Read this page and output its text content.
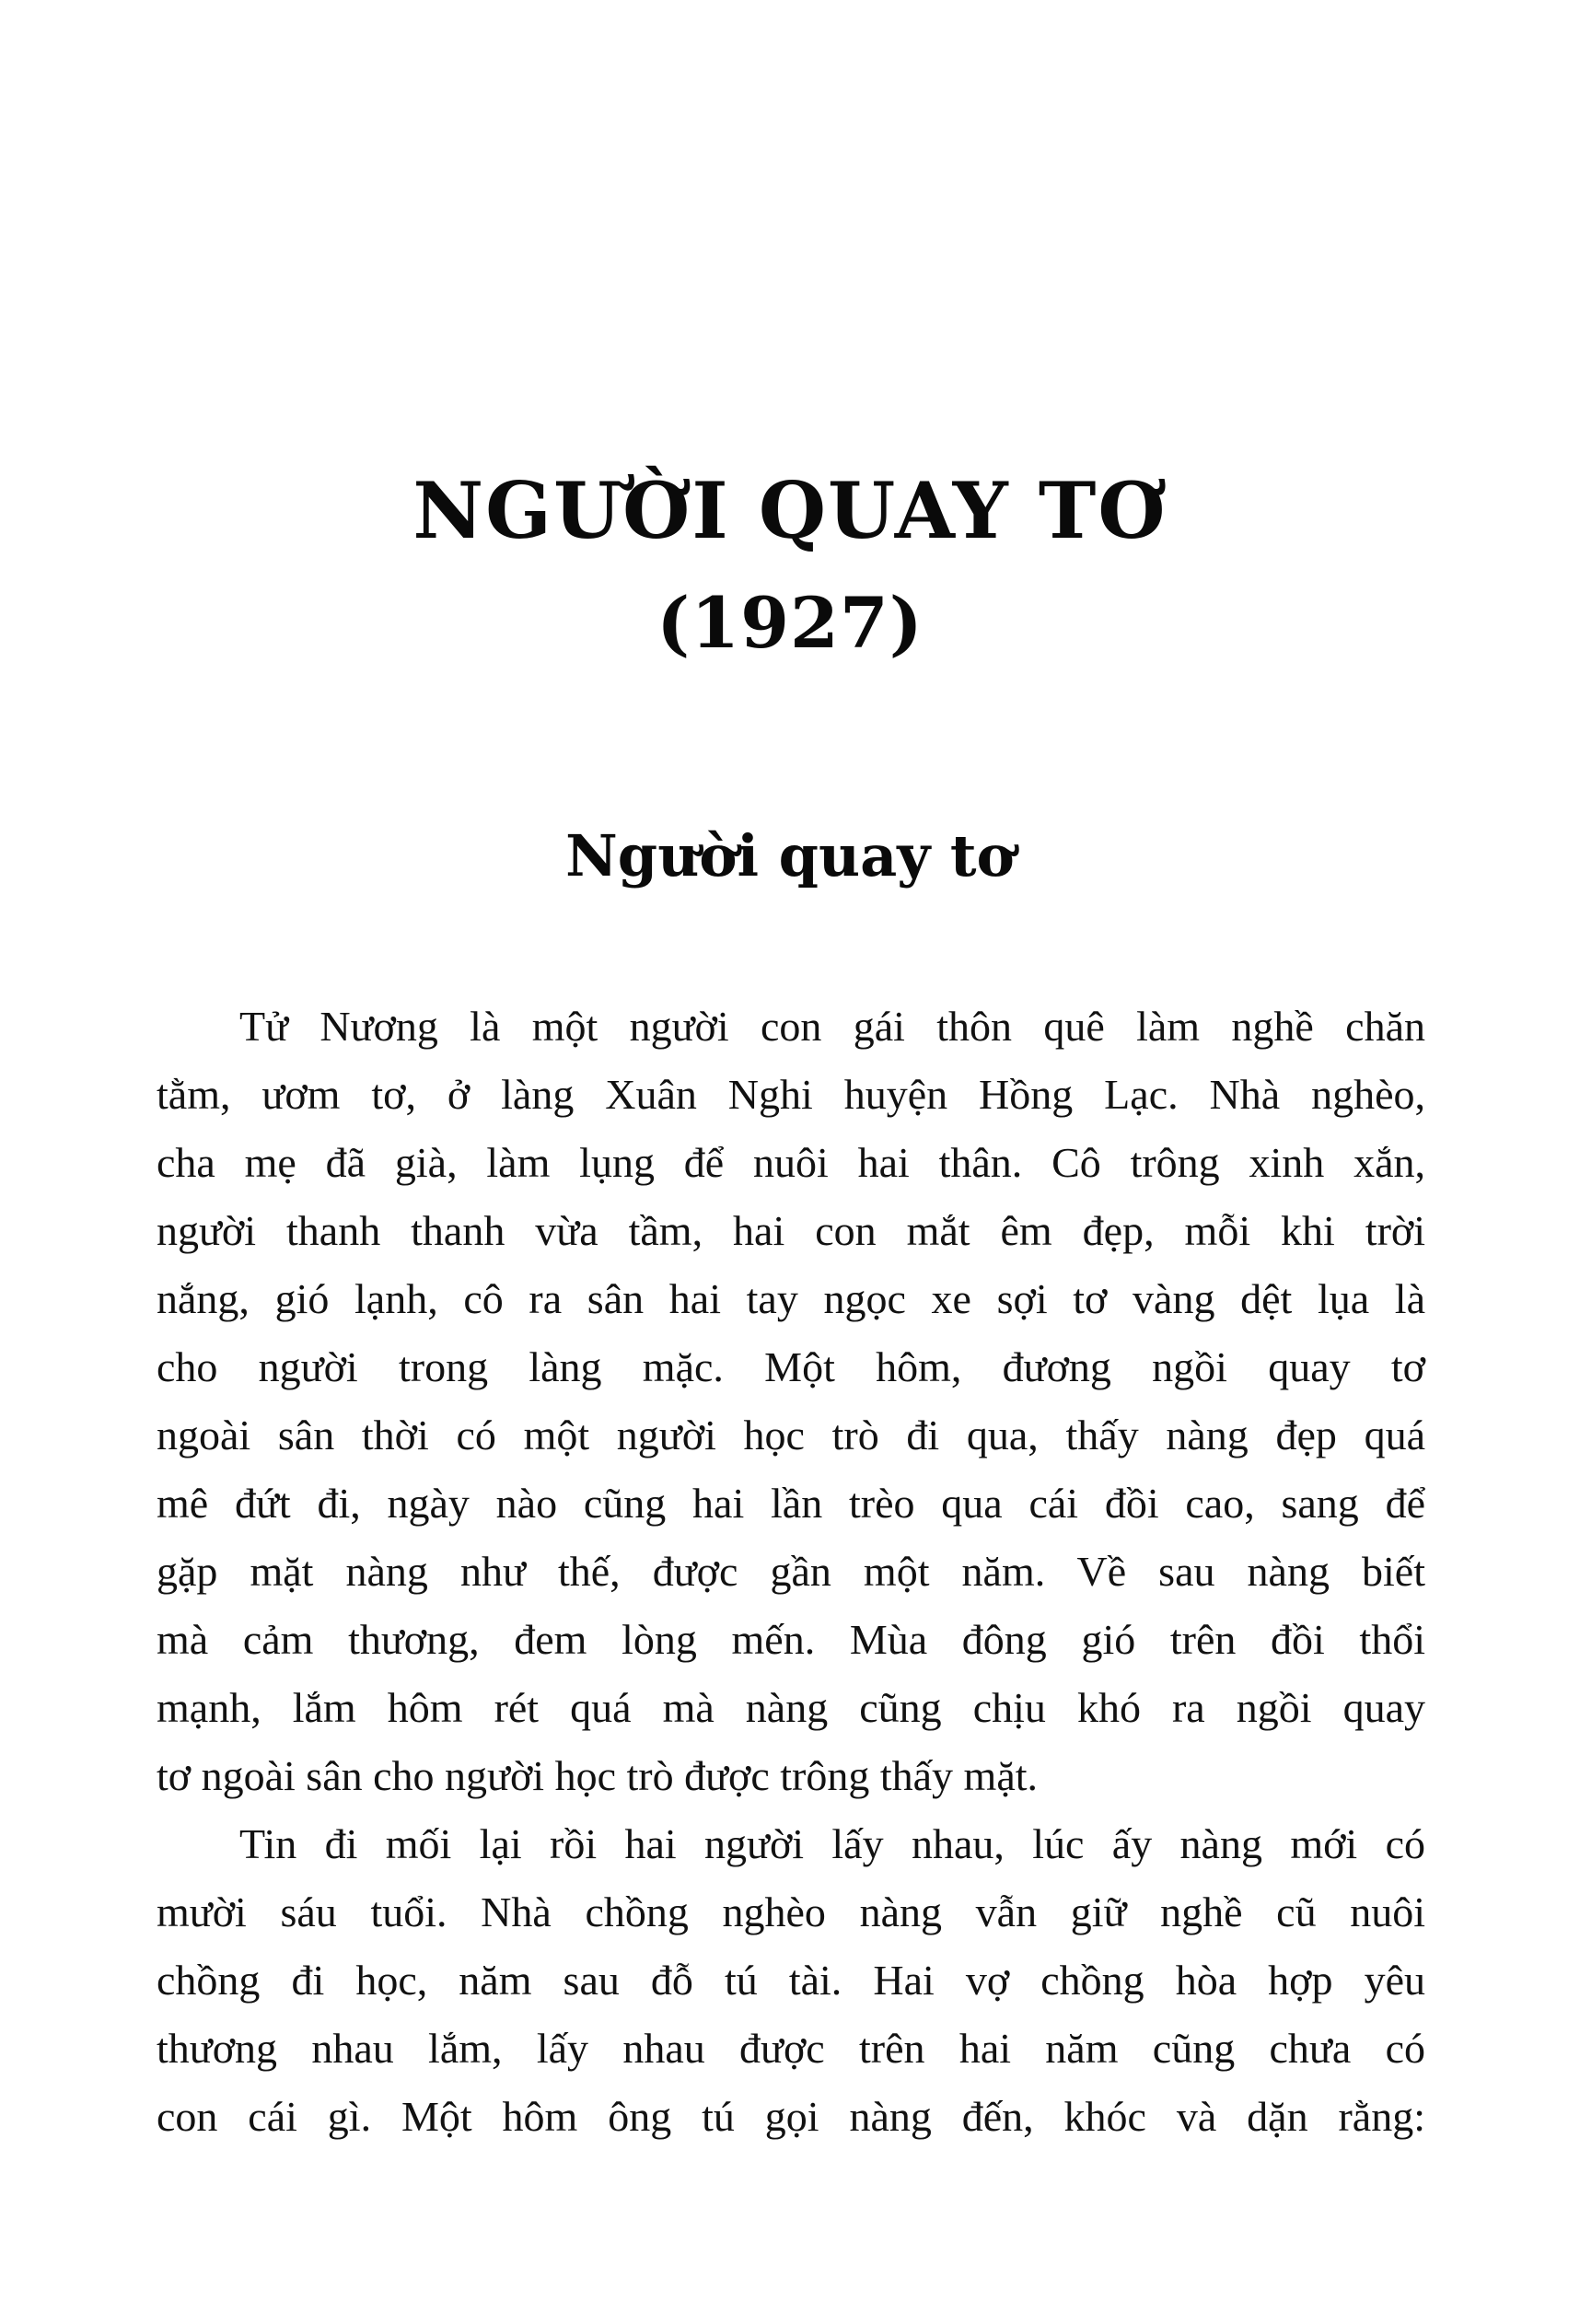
NGƯỜI QUAY TƠ
(1927)
Người quay tơ
Tử Nương là một người con gái thôn quê làm nghề chăn
tằm, ươm tơ, ở làng Xuân Nghi huyện Hồng Lạc. Nhà nghèo,
cha mẹ đã già, làm lụng để nuôi hai thân. Cô trông xinh xắn,
người thanh thanh vừa tầm, hai con mắt êm đẹp, mỗi khi trời
nắng, gió lạnh, cô ra sân hai tay ngọc xe sợi tơ vàng dệt lụa là
cho người trong làng mặc. Một hôm, đương ngồi quay tơ
ngoài sân thời có một người học trò đi qua, thấy nàng đẹp quá
mê đứt đi, ngày nào cũng hai lần trèo qua cái đồi cao, sang để
gặp mặt nàng như thế, được gần một năm. Về sau nàng biết
mà cảm thương, đem lòng mến. Mùa đông gió trên đồi thổi
mạnh, lắm hôm rét quá mà nàng cũng chịu khó ra ngồi quay
tơ ngoài sân cho người học trò được trông thấy mặt.
Tin đi mối lại rồi hai người lấy nhau, lúc ấy nàng mới có
mười sáu tuổi. Nhà chồng nghèo nàng vẫn giữ nghề cũ nuôi
chồng đi học, năm sau đỗ tú tài. Hai vợ chồng hòa hợp yêu
thương nhau lắm, lấy nhau được trên hai năm cũng chưa có
con cái gì. Một hôm ông tú gọi nàng đến, khóc và dặn rằng:
